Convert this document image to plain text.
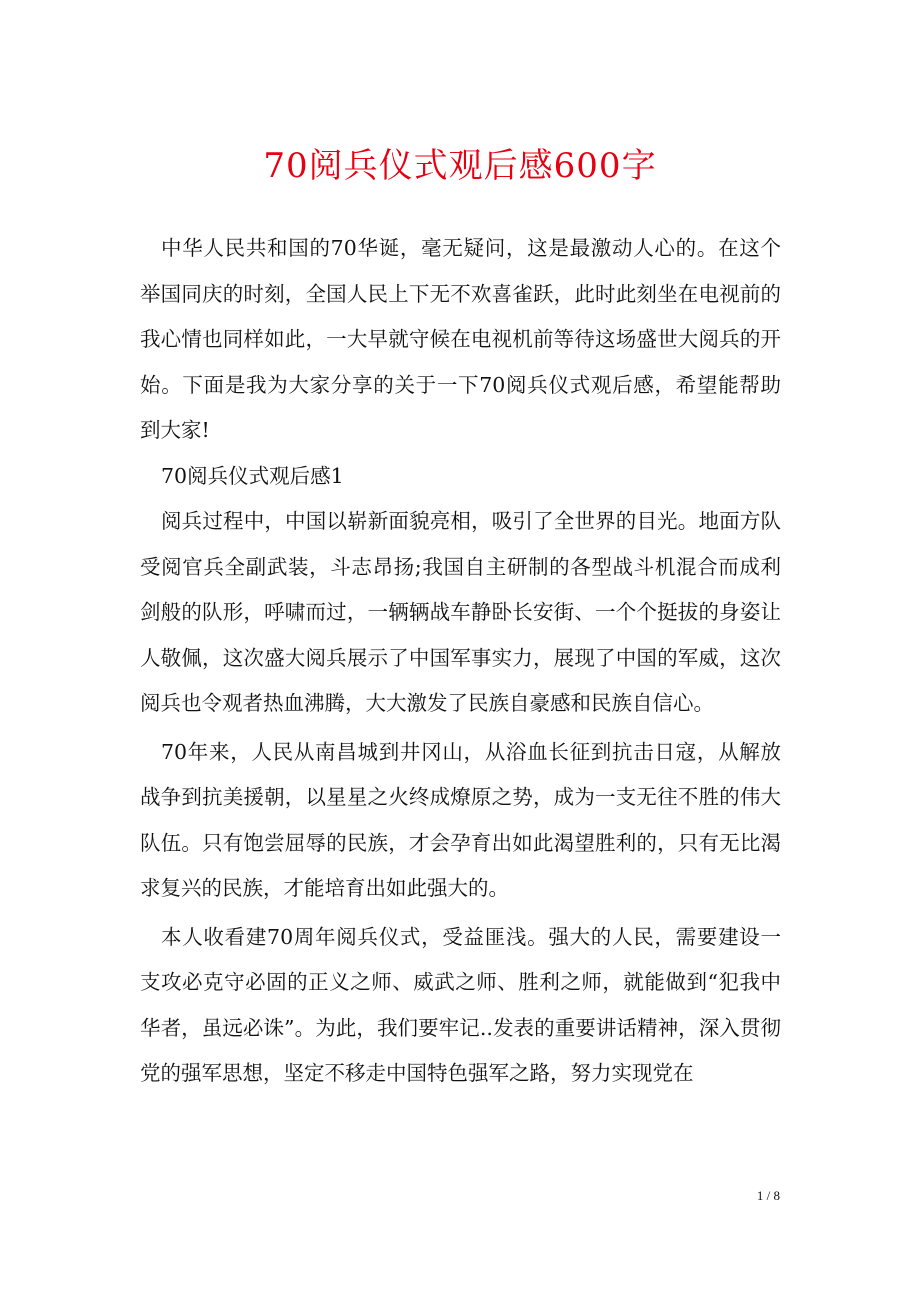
70阅兵仪式观后感600字

中华人民共和国的70华诞，毫无疑问，这是最激动人心的。在这个举国同庆的时刻，全国人民上下无不欢喜雀跃，此时此刻坐在电视前的我心情也同样如此，一大早就守候在电视机前等待这场盛世大阅兵的开始。下面是我为大家分享的关于一下70阅兵仪式观后感，希望能帮助到大家!

70阅兵仪式观后感1

阅兵过程中，中国以崭新面貌亮相，吸引了全世界的目光。地面方队受阅官兵全副武装，斗志昂扬;我国自主研制的各型战斗机混合而成利剑般的队形，呼啸而过，一辆辆战车静卧长安街、一个个挺拔的身姿让人敬佩，这次盛大阅兵展示了中国军事实力，展现了中国的军威，这次阅兵也令观者热血沸腾，大大激发了民族自豪感和民族自信心。

70年来，人民从南昌城到井冈山，从浴血长征到抗击日寇，从解放战争到抗美援朝，以星星之火终成燎原之势，成为一支无往不胜的伟大队伍。只有饱尝屈辱的民族，才会孕育出如此渴望胜利的，只有无比渴求复兴的民族，才能培育出如此强大的。

本人收看建70周年阅兵仪式，受益匪浅。强大的人民，需要建设一支攻必克守必固的正义之师、威武之师、胜利之师，就能做到“犯我中华者，虽远必诛”。为此，我们要牢记..发表的重要讲话精神，深入贯彻党的强军思想，坚定不移走中国特色强军之路，努力实现党在

1 / 8
